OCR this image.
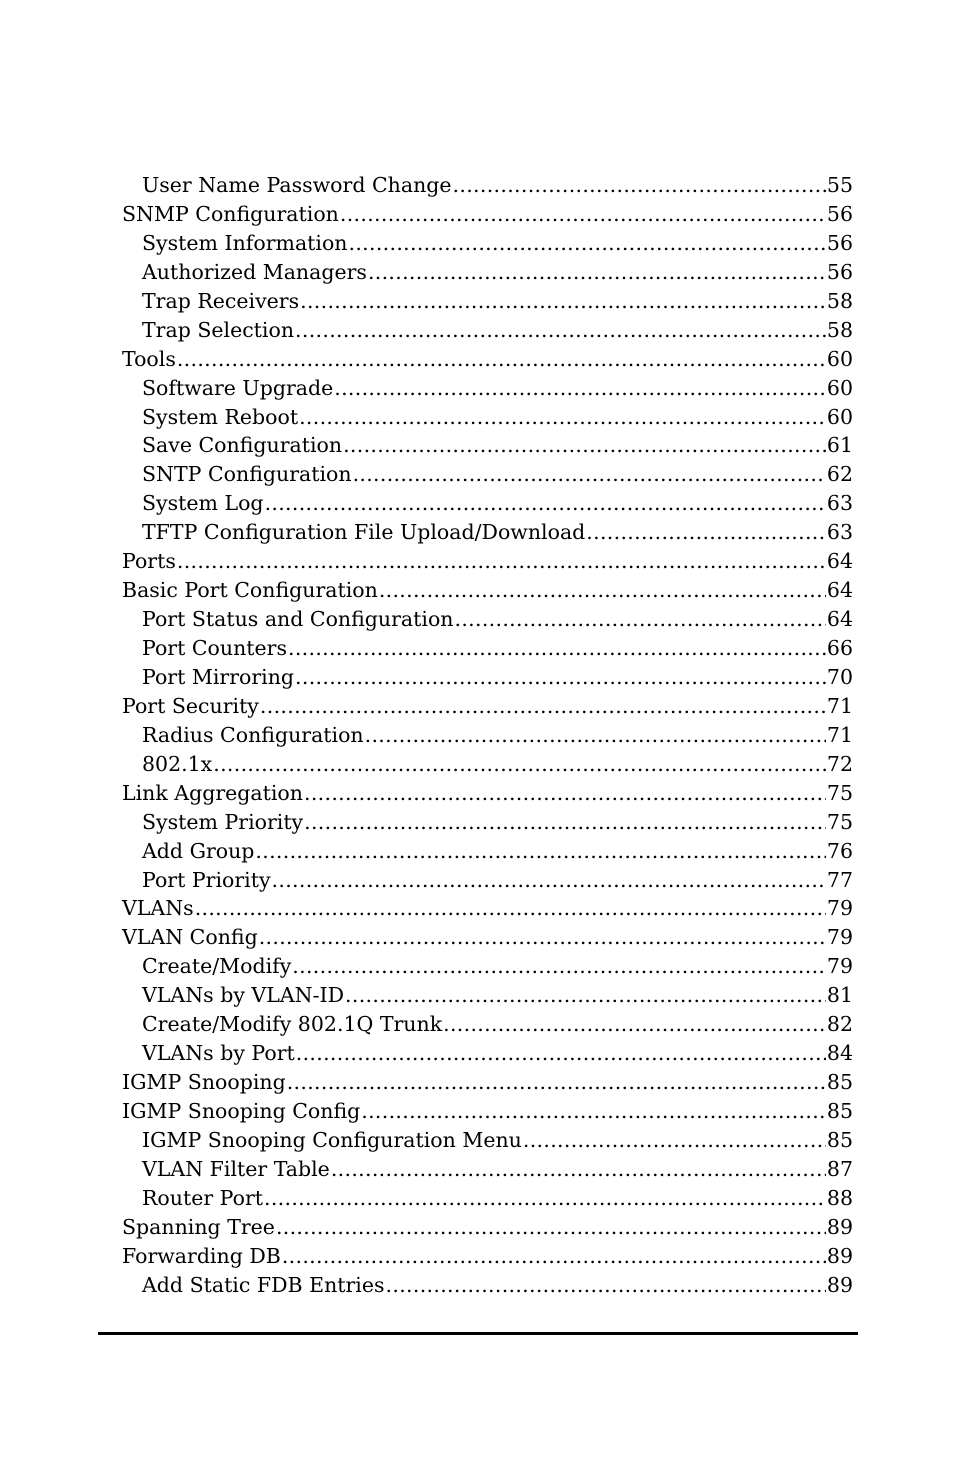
User Name Password Change . . .	55
SNMP Configuration . . .	56
System Information . . .	56
Authorized Managers . . .	56
Trap Receivers . . .	58
Trap Selection . . .	58
Tools . . .	60
Software Upgrade . . .	60
System Reboot . . .	60
Save Configuration . . .	61
SNTP Configuration . . .	62
System Log . . .	63
TFTP Configuration File Upload/Download . . .	63
Ports . . .	64
Basic Port Configuration . . .	64
Port Status and Configuration . . .	64
Port Counters . . .	66
Port Mirroring . . .	70
Port Security . . .	71
Radius Configuration . . .	71
802.1x . . .	72
Link Aggregation . . .	75
System Priority . . .	75
Add Group . . .	76
Port Priority . . .	77
VLANs . . .	79
VLAN Config . . .	79
Create/Modify . . .	79
VLANs by VLAN-ID . . .	81
Create/Modify 802.1Q Trunk . . .	82
VLANs by Port . . .	84
IGMP Snooping . . .	85
IGMP Snooping Config . . .	85
IGMP Snooping Configuration Menu . . .	85
VLAN Filter Table . . .	87
Router Port . . .	88
Spanning Tree . . .	89
Forwarding DB . . .	89
Add Static FDB Entries . . .	89
